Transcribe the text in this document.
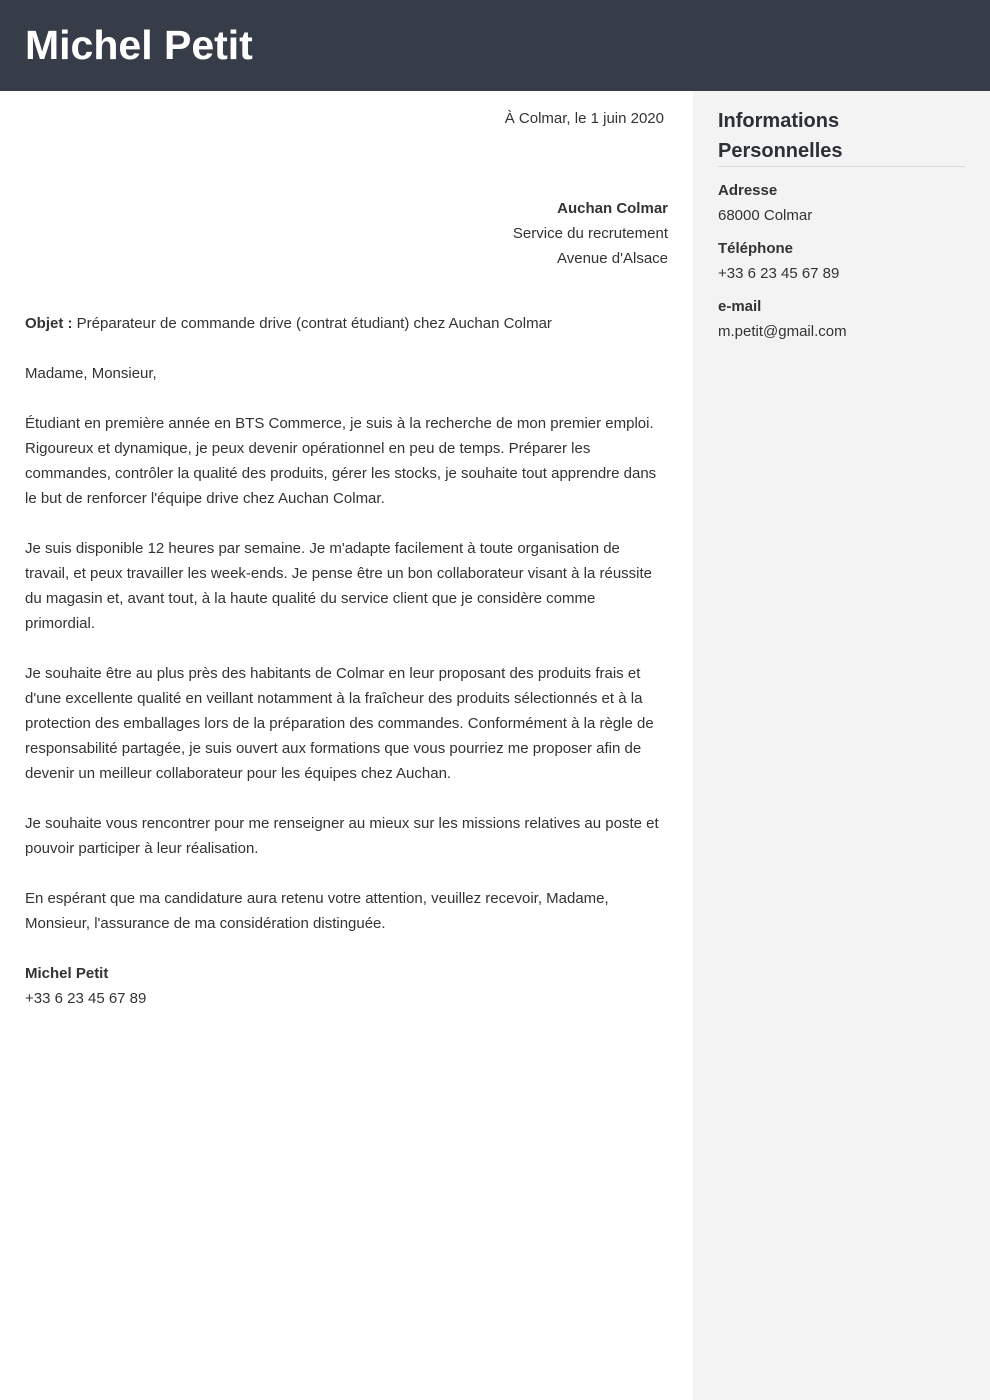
Michel Petit
À Colmar, le 1 juin 2020
Auchan Colmar
Service du recrutement
Avenue d'Alsace

Objet : Préparateur de commande drive (contrat étudiant) chez Auchan Colmar

Madame, Monsieur,

Étudiant en première année en BTS Commerce, je suis à la recherche de mon premier emploi. Rigoureux et dynamique, je peux devenir opérationnel en peu de temps. Préparer les commandes, contrôler la qualité des produits, gérer les stocks, je souhaite tout apprendre dans le but de renforcer l'équipe drive chez Auchan Colmar.

Je suis disponible 12 heures par semaine. Je m'adapte facilement à toute organisation de travail, et peux travailler les week-ends. Je pense être un bon collaborateur visant à la réussite du magasin et, avant tout, à la haute qualité du service client que je considère comme primordial.

Je souhaite être au plus près des habitants de Colmar en leur proposant des produits frais et d'une excellente qualité en veillant notamment à la fraîcheur des produits sélectionnés et à la protection des emballages lors de la préparation des commandes. Conformément à la règle de responsabilité partagée, je suis ouvert aux formations que vous pourriez me proposer afin de devenir un meilleur collaborateur pour les équipes chez Auchan.

Je souhaite vous rencontrer pour me renseigner au mieux sur les missions relatives au poste et pouvoir participer à leur réalisation.

En espérant que ma candidature aura retenu votre attention, veuillez recevoir, Madame, Monsieur, l'assurance de ma considération distinguée.

Michel Petit
+33 6 23 45 67 89
Informations
Personnelles
Adresse
68000 Colmar
Téléphone
+33 6 23 45 67 89
e-mail
m.petit@gmail.com
